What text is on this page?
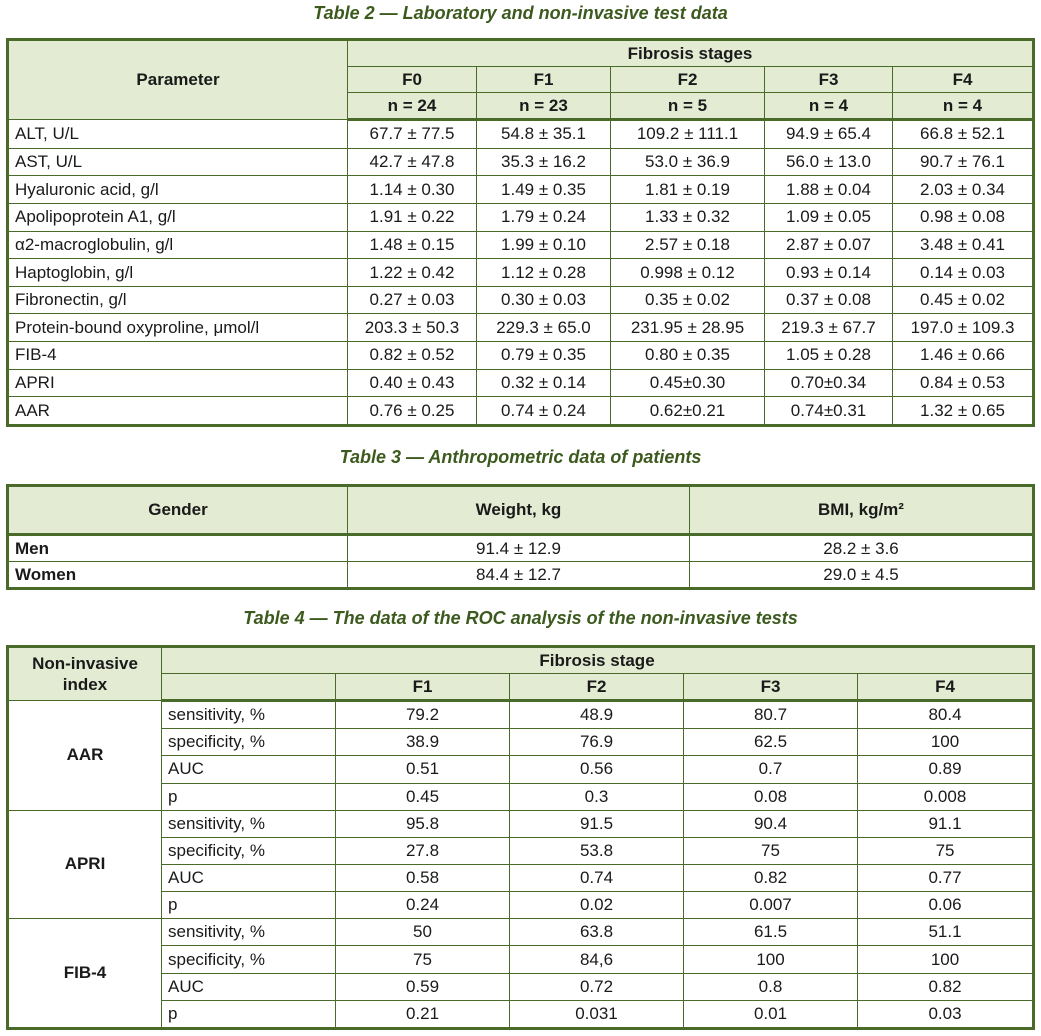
Table 2 — Laboratory and non-invasive test data
Parameter	Fibrosis stages				
	F0	F1	F2	F3	F4
	n = 24	n = 23	n = 5	n = 4	n = 4
ALT, U/L	67.7 ± 77.5	54.8 ± 35.1	109.2 ± 111.1	94.9 ± 65.4	66.8 ± 52.1
AST, U/L	42.7 ± 47.8	35.3 ± 16.2	53.0 ± 36.9	56.0 ± 13.0	90.7 ± 76.1
Hyaluronic acid, g/l	1.14 ± 0.30	1.49 ± 0.35	1.81 ± 0.19	1.88 ± 0.04	2.03 ± 0.34
Apolipoprotein A1, g/l	1.91 ± 0.22	1.79 ± 0.24	1.33 ± 0.32	1.09 ± 0.05	0.98 ± 0.08
α2-macroglobulin, g/l	1.48 ± 0.15	1.99 ± 0.10	2.57 ± 0.18	2.87 ± 0.07	3.48 ± 0.41
Haptoglobin, g/l	1.22 ± 0.42	1.12 ± 0.28	0.998 ± 0.12	0.93 ± 0.14	0.14 ± 0.03
Fibronectin, g/l	0.27 ± 0.03	0.30 ± 0.03	0.35 ± 0.02	0.37 ± 0.08	0.45 ± 0.02
Protein-bound oxyproline, μmol/l	203.3 ± 50.3	229.3 ± 65.0	231.95 ± 28.95	219.3 ± 67.7	197.0 ± 109.3
FIB-4	0.82 ± 0.52	0.79 ± 0.35	0.80 ± 0.35	1.05 ± 0.28	1.46 ± 0.66
APRI	0.40 ± 0.43	0.32 ± 0.14	0.45±0.30	0.70±0.34	0.84 ± 0.53
AAR	0.76 ± 0.25	0.74 ± 0.24	0.62±0.21	0.74±0.31	1.32 ± 0.65
Table 3 — Anthropometric data of patients
Gender	Weight, kg	BMI, kg/m²
Men	91.4 ± 12.9	28.2 ± 3.6
Women	84.4 ± 12.7	29.0 ± 4.5
Table 4 — The data of the ROC analysis of the non-invasive tests
Non-invasive index	Fibrosis stage				
		F1	F2	F3	F4
AAR	sensitivity, %	79.2	48.9	80.7	80.4
	specificity, %	38.9	76.9	62.5	100
	AUC	0.51	0.56	0.7	0.89
	p	0.45	0.3	0.08	0.008
APRI	sensitivity, %	95.8	91.5	90.4	91.1
	specificity, %	27.8	53.8	75	75
	AUC	0.58	0.74	0.82	0.77
	p	0.24	0.02	0.007	0.06
FIB-4	sensitivity, %	50	63.8	61.5	51.1
	specificity, %	75	84,6	100	100
	AUC	0.59	0.72	0.8	0.82
	p	0.21	0.031	0.01	0.03
